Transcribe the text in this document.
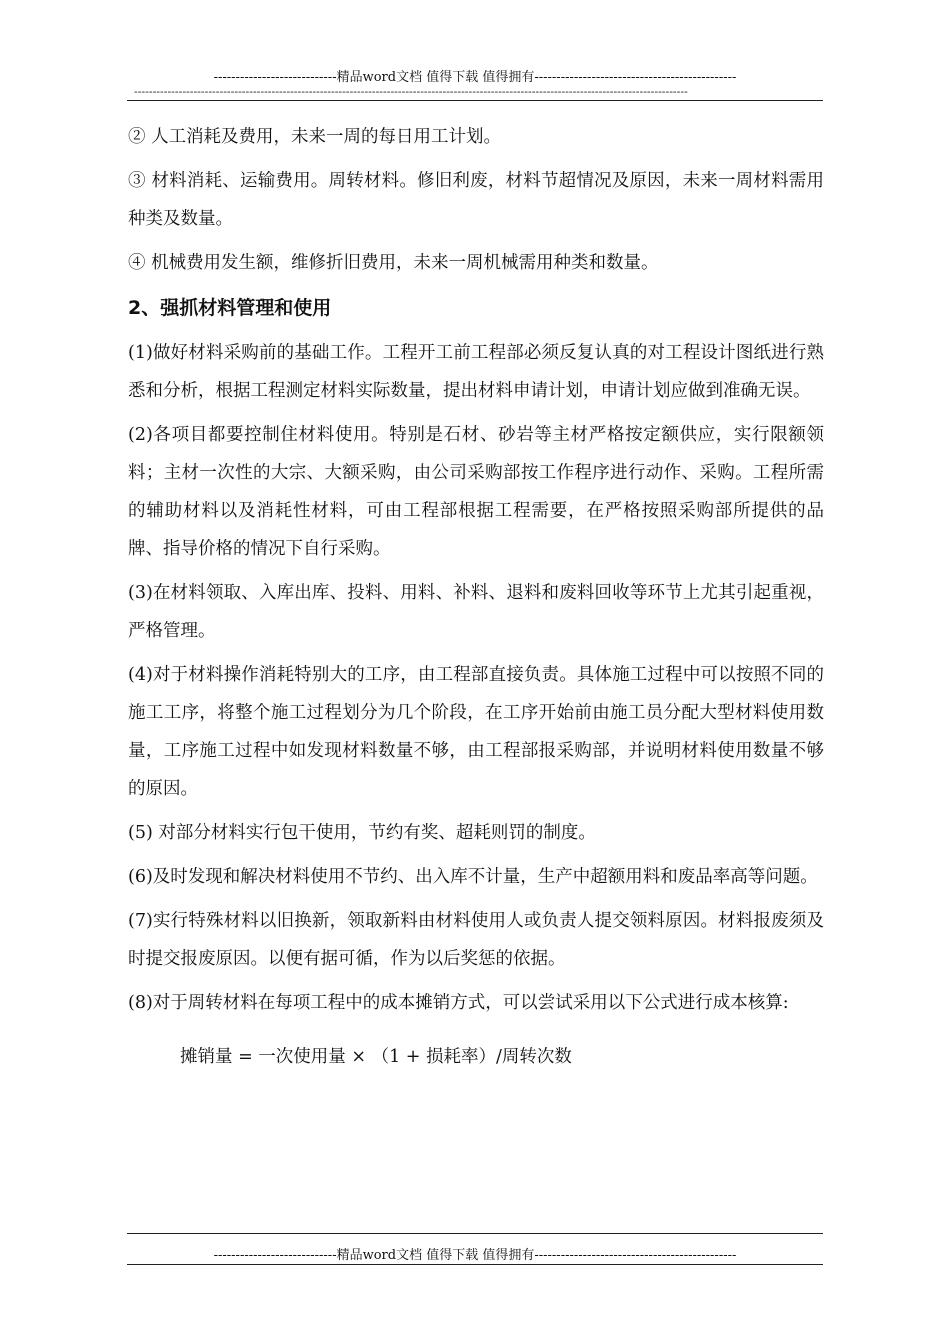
----------------------------精品word文档 值得下载 值得拥有----------------------------------------------
-----------------------------------------------------------------------------------------------------------------------------------------------------

② 人工消耗及费用，未来一周的每日用工计划。

③ 材料消耗、运输费用。周转材料。修旧利废，材料节超情况及原因，未来一周材料需用种类及数量。

④ 机械费用发生额，维修折旧费用，未来一周机械需用种类和数量。

2、强抓材料管理和使用

(1)做好材料采购前的基础工作。工程开工前工程部必须反复认真的对工程设计图纸进行熟悉和分析，根据工程测定材料实际数量，提出材料申请计划，申请计划应做到准确无误。

(2)各项目都要控制住材料使用。特别是石材、砂岩等主材严格按定额供应，实行限额领料；主材一次性的大宗、大额采购，由公司采购部按工作程序进行动作、采购。工程所需的辅助材料以及消耗性材料，可由工程部根据工程需要，在严格按照采购部所提供的品牌、指导价格的情况下自行采购。

(3)在材料领取、入库出库、投料、用料、补料、退料和废料回收等环节上尤其引起重视，严格管理。

(4)对于材料操作消耗特别大的工序，由工程部直接负责。具体施工过程中可以按照不同的施工工序，将整个施工过程划分为几个阶段，在工序开始前由施工员分配大型材料使用数量，工序施工过程中如发现材料数量不够，由工程部报采购部，并说明材料使用数量不够的原因。

(5) 对部分材料实行包干使用，节约有奖、超耗则罚的制度。

(6)及时发现和解决材料使用不节约、出入库不计量，生产中超额用料和废品率高等问题。

(7)实行特殊材料以旧换新，领取新料由材料使用人或负责人提交领料原因。材料报废须及时提交报废原因。以便有据可循，作为以后奖惩的依据。

(8)对于周转材料在每项工程中的成本摊销方式，可以尝试采用以下公式进行成本核算:

摊销量 = 一次使用量 × （1 + 损耗率）/周转次数
----------------------------精品word文档 值得下载 值得拥有----------------------------------------------
